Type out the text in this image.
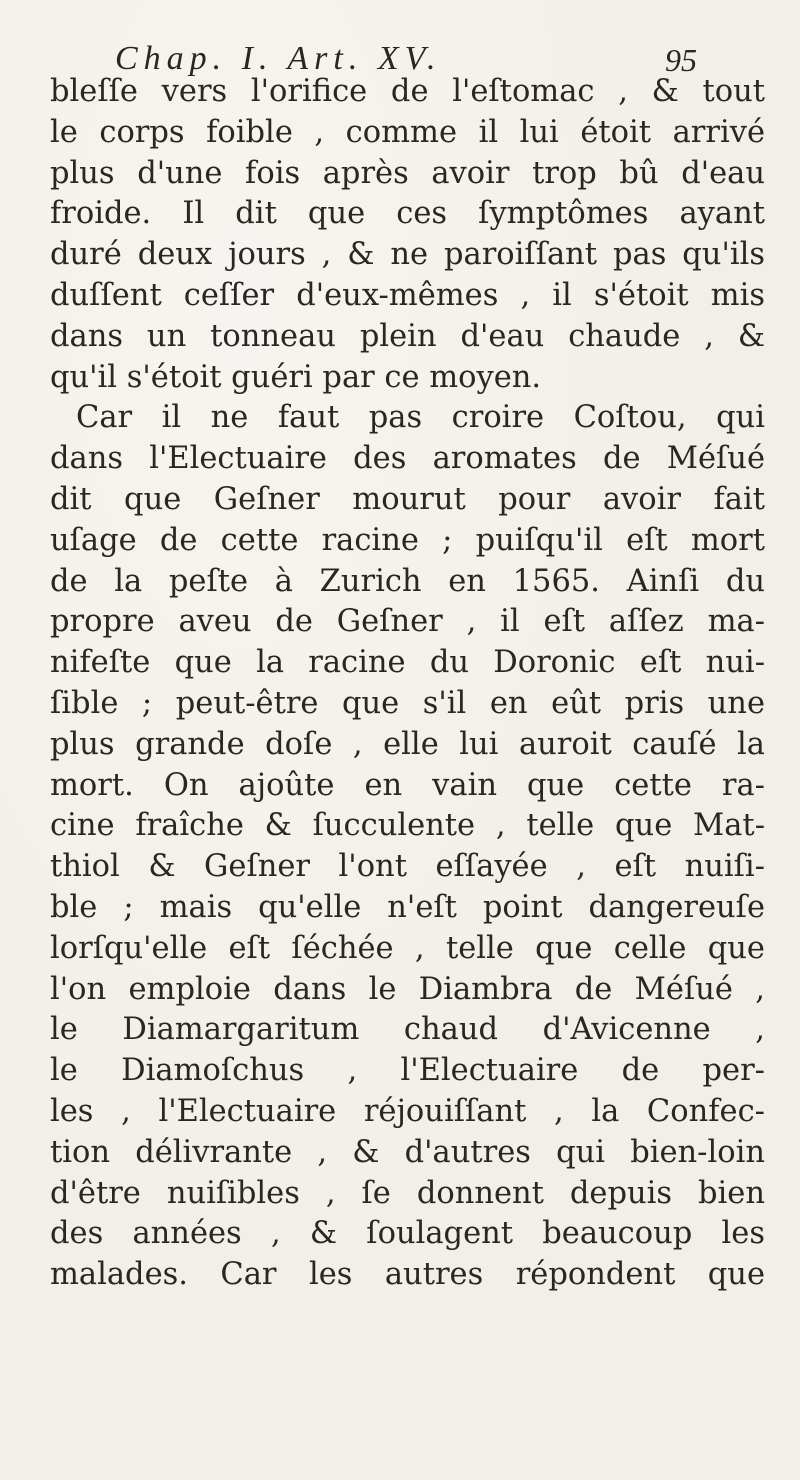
Chap. I. Art. XV.	95
bleſſe vers l'orifice de l'eſtomac , & tout
le corps foible , comme il lui étoit arrivé
plus d'une fois après avoir trop bû d'eau
froide. Il dit que ces ſymptômes ayant
duré deux jours , & ne paroiſſant pas qu'ils
duſſent ceſſer d'eux-mêmes , il s'étoit mis
dans un tonneau plein d'eau chaude , &
qu'il s'étoit guéri par ce moyen.
Car il ne faut pas croire Coſtou, qui
dans l'Electuaire des aromates de Méſué
dit que Geſner mourut pour avoir fait
uſage de cette racine ; puiſqu'il eſt mort
de la peſte à Zurich en 1565. Ainſi du
propre aveu de Geſner , il eſt aſſez ma-
nifeſte que la racine du Doronic eſt nui-
ſible ; peut-être que s'il en eût pris une
plus grande doſe , elle lui auroit cauſé la
mort. On ajoûte en vain que cette ra-
cine fraîche & ſucculente , telle que Mat-
thiol & Geſner l'ont eſſayée , eſt nuiſi-
ble ; mais qu'elle n'eſt point dangereuſe
lorſqu'elle eſt ſéchée , telle que celle que
l'on emploie dans le Diambra de Méſué ,
le Diamargaritum chaud d'Avicenne ,
le Diamoſchus , l'Electuaire de per-
les , l'Electuaire réjouiſſant , la Confec-
tion délivrante , & d'autres qui bien-loin
d'être nuiſibles , ſe donnent depuis bien
des années , & ſoulagent beaucoup les
malades. Car les autres répondent que
